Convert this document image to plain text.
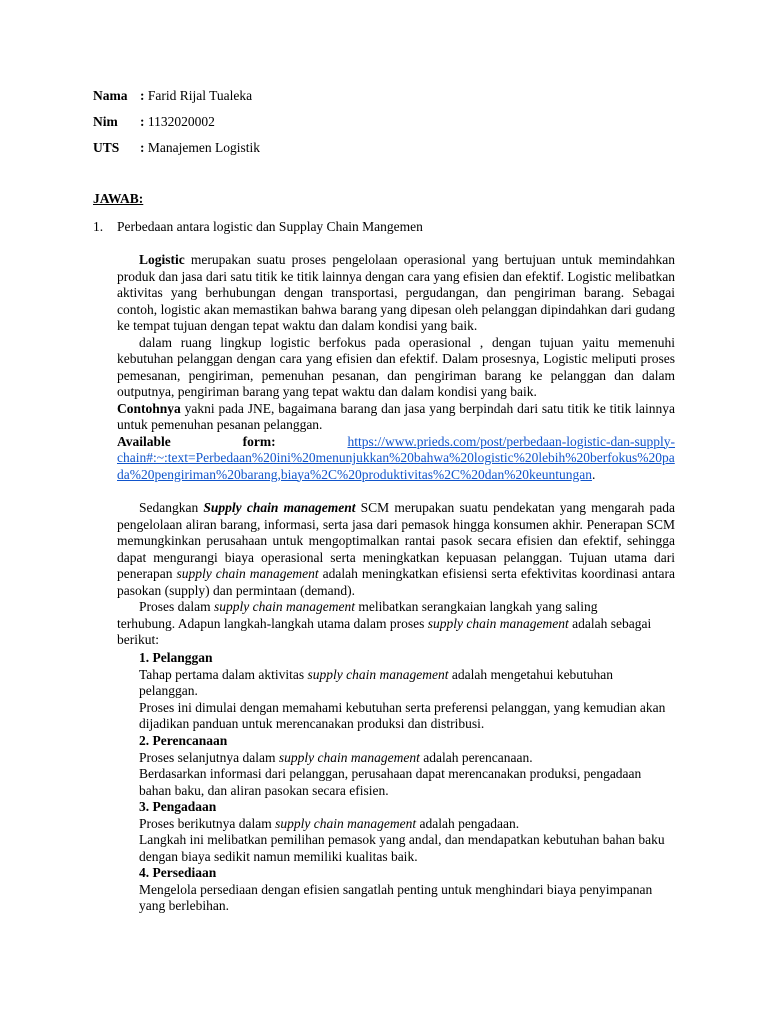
Nama : Farid Rijal Tualeka
Nim : 1132020002
UTS : Manajemen Logistik
JAWAB:
1. Perbedaan antara logistic dan Supplay Chain Mangemen

Logistic merupakan suatu proses pengelolaan operasional yang bertujuan untuk memindahkan produk dan jasa dari satu titik ke titik lainnya dengan cara yang efisien dan efektif. Logistic melibatkan aktivitas yang berhubungan dengan transportasi, pergudangan, dan pengiriman barang. Sebagai contoh, logistic akan memastikan bahwa barang yang dipesan oleh pelanggan dipindahkan dari gudang ke tempat tujuan dengan tepat waktu dan dalam kondisi yang baik.

dalam ruang lingkup logistic berfokus pada operasional , dengan tujuan yaitu memenuhi kebutuhan pelanggan dengan cara yang efisien dan efektif. Dalam prosesnya, Logistic meliputi proses pemesanan, pengiriman, pemenuhan pesanan, dan pengiriman barang ke pelanggan dan dalam outputnya, pengiriman barang yang tepat waktu dan dalam kondisi yang baik.

Contohnya yakni pada JNE, bagaimana barang dan jasa yang berpindah dari satu titik ke titik lainnya untuk pemenuhan pesanan pelanggan.

Available	form:	https://www.prieds.com/post/perbedaan-logistic-dan-supply-
chain#:~:text=Perbedaan%20ini%20menunjukkan%20bahwa%20logistic%20lebih%20berfokus%20pada%20pengiriman%20barang,biaya%2C%20produktivitas%2C%20dan%20keuntungan.

Sedangkan Supply chain management SCM merupakan suatu pendekatan yang mengarah pada pengelolaan aliran barang, informasi, serta jasa dari pemasok hingga konsumen akhir. Penerapan SCM memungkinkan perusahaan untuk mengoptimalkan rantai pasok secara efisien dan efektif, sehingga dapat mengurangi biaya operasional serta meningkatkan kepuasan pelanggan. Tujuan utama dari penerapan supply chain management adalah meningkatkan efisiensi serta efektivitas koordinasi antara pasokan (supply) dan permintaan (demand).

Proses dalam supply chain management melibatkan serangkaian langkah yang saling terhubung. Adapun langkah-langkah utama dalam proses supply chain management adalah sebagai berikut:

1. Pelanggan

Tahap pertama dalam aktivitas supply chain management adalah mengetahui kebutuhan pelanggan.

Proses ini dimulai dengan memahami kebutuhan serta preferensi pelanggan, yang kemudian akan dijadikan panduan untuk merencanakan produksi dan distribusi.

2. Perencanaan

Proses selanjutnya dalam supply chain management adalah perencanaan.

Berdasarkan informasi dari pelanggan, perusahaan dapat merencanakan produksi, pengadaan bahan baku, dan aliran pasokan secara efisien.

3. Pengadaan

Proses berikutnya dalam supply chain management adalah pengadaan.

Langkah ini melibatkan pemilihan pemasok yang andal, dan mendapatkan kebutuhan bahan baku dengan biaya sedikit namun memiliki kualitas baik.

4. Persediaan

Mengelola persediaan dengan efisien sangatlah penting untuk menghindari biaya penyimpanan yang berlebihan.
